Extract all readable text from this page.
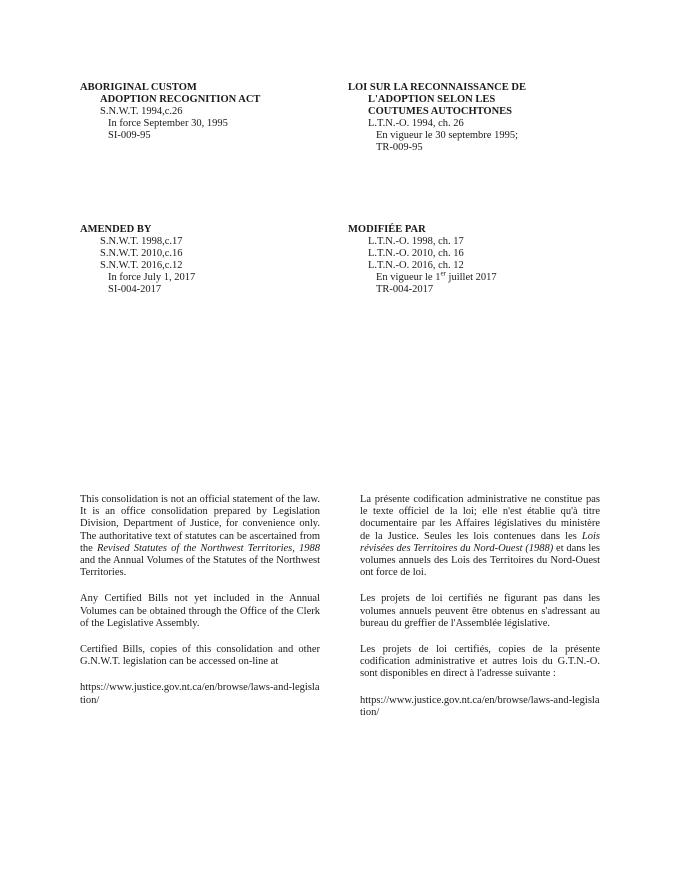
ABORIGINAL CUSTOM
ADOPTION RECOGNITION ACT
S.N.W.T. 1994,c.26
In force September 30, 1995
SI-009-95
LOI SUR LA RECONNAISSANCE DE
L'ADOPTION SELON LES
COUTUMES AUTOCHTONES
L.T.N.-O. 1994, ch. 26
En vigueur le 30 septembre 1995;
TR-009-95
AMENDED BY
S.N.W.T. 1998,c.17
S.N.W.T. 2010,c.16
S.N.W.T. 2016,c.12
In force July 1, 2017
SI-004-2017
MODIFIÉE PAR
L.T.N.-O. 1998, ch. 17
L.T.N.-O. 2010, ch. 16
L.T.N.-O. 2016, ch. 12
En vigueur le 1er juillet 2017
TR-004-2017

This consolidation is not an official statement of the law. It is an office consolidation prepared by Legislation Division, Department of Justice, for convenience only. The authoritative text of statutes can be ascertained from the Revised Statutes of the Northwest Territories, 1988 and the Annual Volumes of the Statutes of the Northwest Territories.

Any Certified Bills not yet included in the Annual Volumes can be obtained through the Office of the Clerk of the Legislative Assembly.

Certified Bills, copies of this consolidation and other G.N.W.T. legislation can be accessed on-line at

https://www.justice.gov.nt.ca/en/browse/laws-and-legislation/

La présente codification administrative ne constitue pas le texte officiel de la loi; elle n'est établie qu'à titre documentaire par les Affaires législatives du ministère de la Justice. Seules les lois contenues dans les Lois révisées des Territoires du Nord-Ouest (1988) et dans les volumes annuels des Lois des Territoires du Nord-Ouest ont force de loi.

Les projets de loi certifiés ne figurant pas dans les volumes annuels peuvent être obtenus en s'adressant au bureau du greffier de l'Assemblée législative.

Les projets de loi certifiés, copies de la présente codification administrative et autres lois du G.T.N.-O. sont disponibles en direct à l'adresse suivante :

https://www.justice.gov.nt.ca/en/browse/laws-and-legislation/
